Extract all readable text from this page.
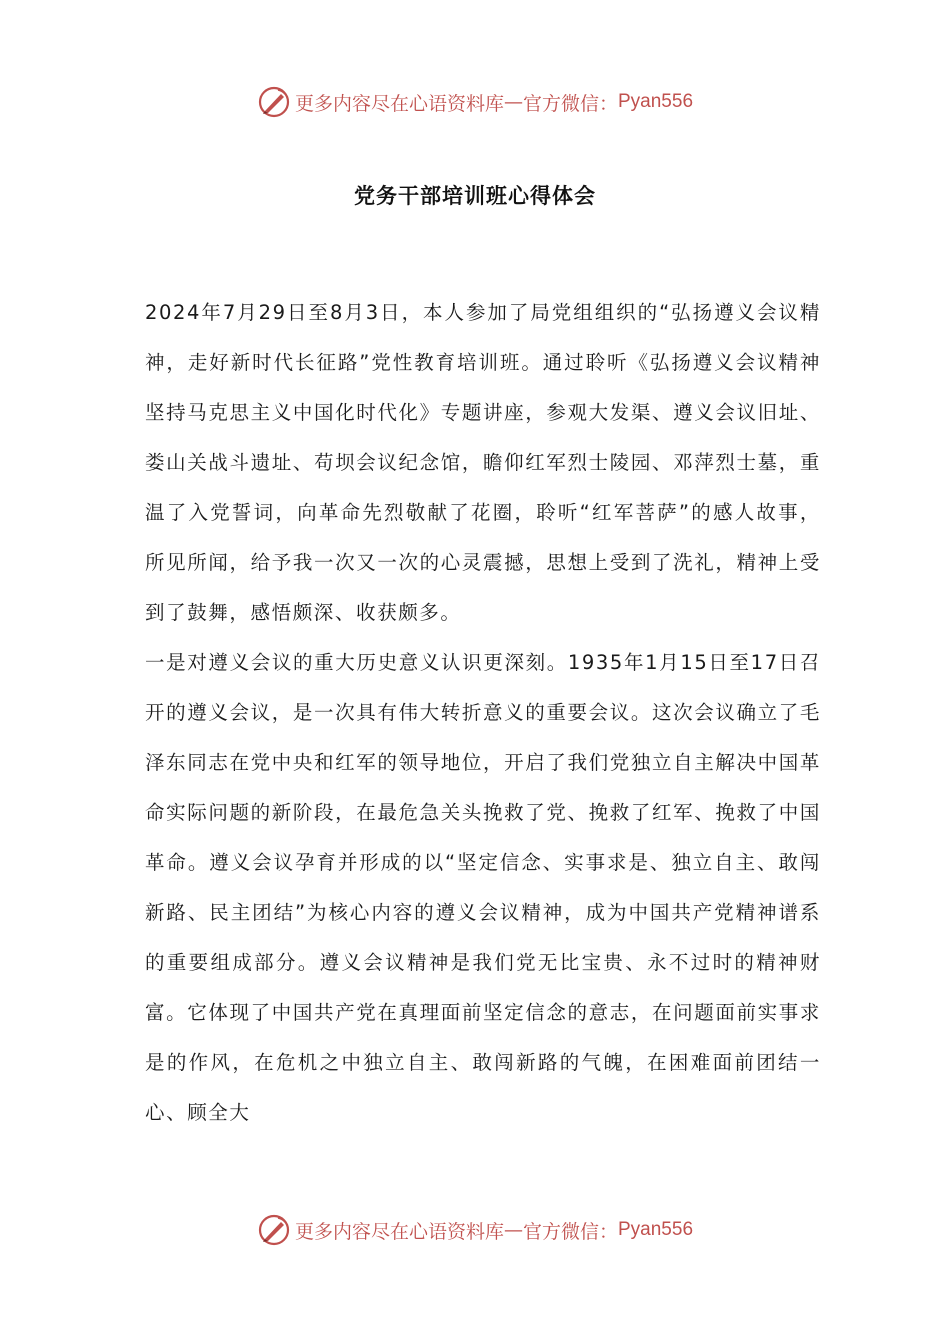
更多内容尽在心语资料库 — 官方微信： Pyan556
党务干部培训班心得体会

2024年7月29日至8月3日，本人参加了局党组组织的“弘扬遵义会议精神，走好新时代长征路”党性教育培训班。通过聆听《弘扬遵义会议精神坚持马克思主义中国化时代化》专题讲座，参观大发渠、遵义会议旧址、娄山关战斗遗址、苟坝会议纪念馆，瞻仰红军烈士陵园、邓萍烈士墓，重温了入党誓词，向革命先烈敬献了花圈，聆听“红军菩萨”的感人故事，所见所闻，给予我一次又一次的心灵震撼，思想上受到了洗礼，精神上受到了鼓舞，感悟颇深、收获颇多。

一是对遵义会议的重大历史意义认识更深刻。1935年1月15日至17日召开的遵义会议，是一次具有伟大转折意义的重要会议。这次会议确立了毛泽东同志在党中央和红军的领导地位，开启了我们党独立自主解决中国革命实际问题的新阶段，在最危急关头挽救了党、挽救了红军、挽救了中国革命。遵义会议孕育并形成的以“坚定信念、实事求是、独立自主、敢闯新路、民主团结”为核心内容的遵义会议精神，成为中国共产党精神谱系的重要组成部分。遵义会议精神是我们党无比宝贵、永不过时的精神财富。它体现了中国共产党在真理面前坚定信念的意志，在问题面前实事求是的作风，在危机之中独立自主、敢闯新路的气魄，在困难面前团结一心、顾全大

更多内容尽在心语资料库 — 官方微信： Pyan556
